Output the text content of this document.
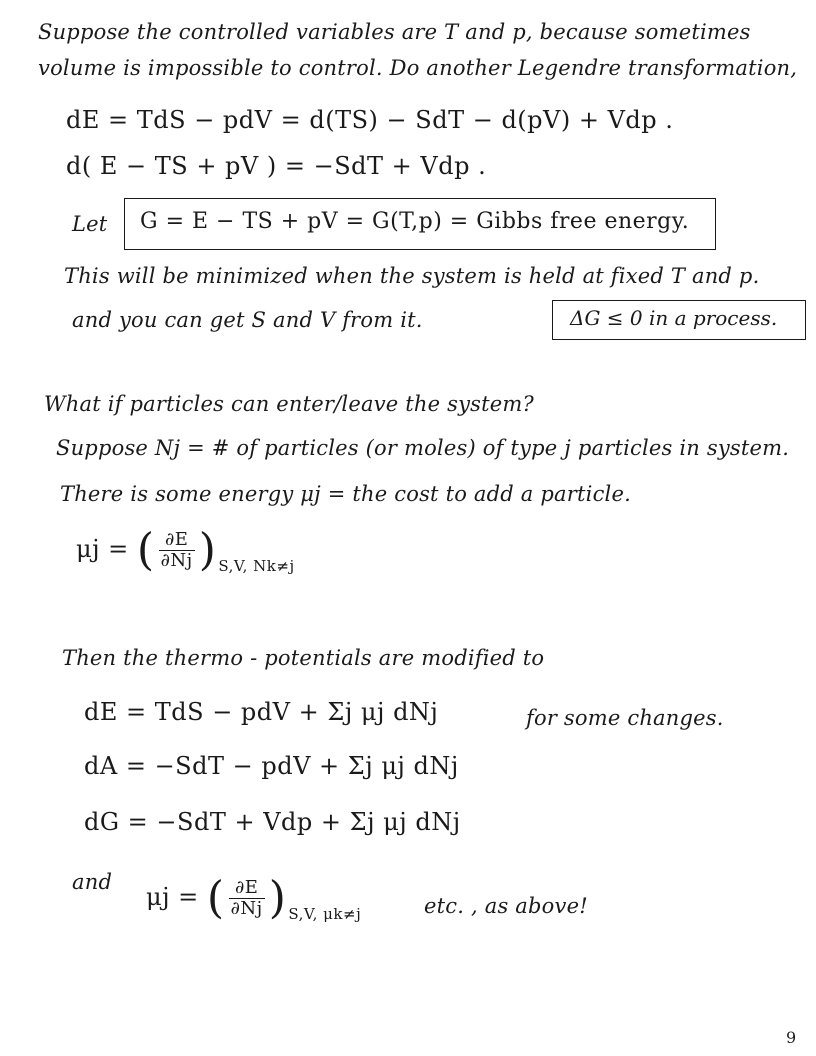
Suppose the controlled variables are T and p, because sometimes
volume is impossible to control. Do another Legendre transformation,
dE = TdS − pdV = d(TS) − SdT − d(pV) + Vdp .
d( E − TS + pV ) = −SdT + Vdp .
Let G = E − TS + pV = G(T,p) = Gibbs free energy.
This will be minimized when the system is held at fixed T and p.
and you can get S and V from it.	ΔG ≤ 0 in a process.
What if particles can enter/leave the system?
Suppose Nj = # of particles (or moles) of type j particles in system.
There is some energy μj = the cost to add a particle.
μj = ( $\frac{\partial E}{\partial Nj}$ ) $_{S,V, Nk\ne j}$
Then the thermo - potentials are modified to
dE = TdS − pdV + Σj μj dNj	for some changes.
dA = −SdT − pdV + Σj μj dNj
dG = −SdT + Vdp + Σj μj dNj
and
μj = ( $\frac{\partial E}{\partial Nj}$ ) $_{S,V, \mu k\ne j}$	etc. , as above!
9
